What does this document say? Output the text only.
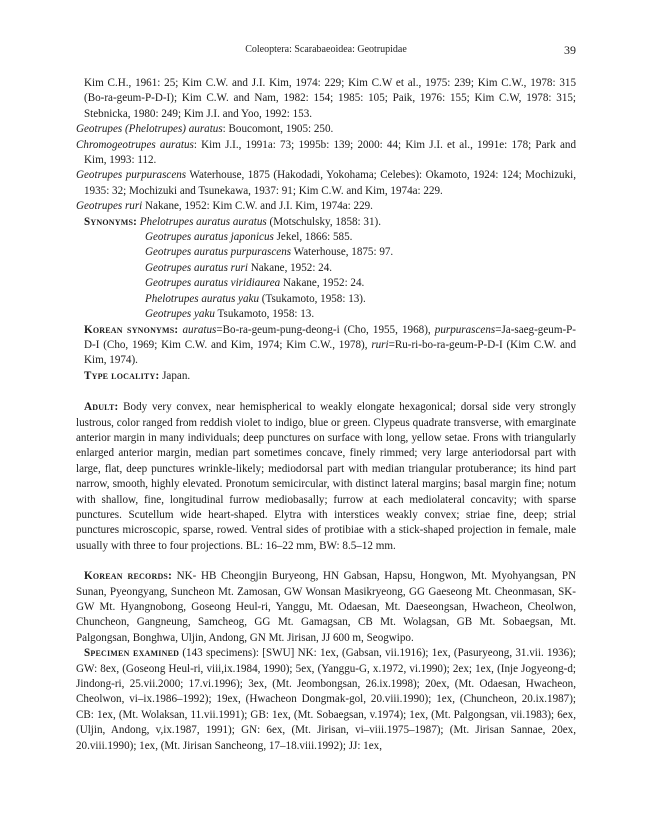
Coleoptera: Scarabaeoidea: Geotrupidae	39

Kim C.H., 1961: 25; Kim C.W. and J.I. Kim, 1974: 229; Kim C.W et al., 1975: 239; Kim C.W., 1978: 315 (Bo-ra-geum-P-D-I); Kim C.W. and Nam, 1982: 154; 1985: 105; Paik, 1976: 155; Kim C.W, 1978: 315; Stebnicka, 1980: 249; Kim J.I. and Yoo, 1992: 153.

Geotrupes (Phelotrupes) auratus: Boucomont, 1905: 250.

Chromogeotrupes auratus: Kim J.I., 1991a: 73; 1995b: 139; 2000: 44; Kim J.I. et al., 1991e: 178; Park and Kim, 1993: 112.

Geotrupes purpurascens Waterhouse, 1875 (Hakodadi, Yokohama; Celebes): Okamoto, 1924: 124; Mochizuki, 1935: 32; Mochizuki and Tsunekawa, 1937: 91; Kim C.W. and Kim, 1974a: 229.

Geotrupes ruri Nakane, 1952: Kim C.W. and J.I. Kim, 1974a: 229.

Synonyms: Phelotrupes auratus auratus (Motschulsky, 1858: 31).

Geotrupes auratus japonicus Jekel, 1866: 585.

Geotrupes auratus purpurascens Waterhouse, 1875: 97.

Geotrupes auratus ruri Nakane, 1952: 24.

Geotrupes auratus viridiaurea Nakane, 1952: 24.

Phelotrupes auratus yaku (Tsukamoto, 1958: 13).

Geotrupes yaku Tsukamoto, 1958: 13.

Korean synonyms: auratus=Bo-ra-geum-pung-deong-i (Cho, 1955, 1968), purpurascens=Ja-saeg-geum-P-D-I (Cho, 1969; Kim C.W. and Kim, 1974; Kim C.W., 1978), ruri=Ru-ri-bo-ra-geum-P-D-I (Kim C.W. and Kim, 1974).

Type locality: Japan.

Adult: Body very convex, near hemispherical to weakly elongate hexagonical; dorsal side very strongly lustrous, color ranged from reddish violet to indigo, blue or green. Clypeus quadrate transverse, with emarginate anterior margin in many individuals; deep punctures on surface with long, yellow setae. Frons with triangularly enlarged anterior margin, median part sometimes concave, finely rimmed; very large anteriodorsal part with large, flat, deep punctures wrinkle-likely; mediodorsal part with median triangular protuberance; its hind part narrow, smooth, highly elevated. Pronotum semicircular, with distinct lateral margins; basal margin fine; notum with shallow, fine, longitudinal furrow mediobasally; furrow at each mediolateral concavity; with sparse punctures. Scutellum wide heart-shaped. Elytra with interstices weakly convex; striae fine, deep; strial punctures microscopic, sparse, rowed. Ventral sides of protibiae with a stick-shaped projection in female, male usually with three to four projections. BL: 16–22 mm, BW: 8.5–12 mm.

Korean records: NK- HB Cheongjin Buryeong, HN Gabsan, Hapsu, Hongwon, Mt. Myohyangsan, PN Sunan, Pyeongyang, Suncheon Mt. Zamosan, GW Wonsan Masikryeong, GG Gaeseong Mt. Cheonmasan, SK- GW Mt. Hyangnobong, Goseong Heul-ri, Yanggu, Mt. Odaesan, Mt. Daeseongsan, Hwacheon, Cheolwon, Chuncheon, Gangneung, Samcheog, GG Mt. Gamagsan, CB Mt. Wolagsan, GB Mt. Sobaegsan, Mt. Palgongsan, Bonghwa, Uljin, Andong, GN Mt. Jirisan, JJ 600 m, Seogwipo.

Specimen examined (143 specimens): [SWU] NK: 1ex, (Gabsan, vii.1916); 1ex, (Pasuryeong, 31.vii. 1936); GW: 8ex, (Goseong Heul-ri, viii,ix.1984, 1990); 5ex, (Yanggu-G, x.1972, vi.1990); 2ex; 1ex, (Inje Jogyeong-d; Jindong-ri, 25.vii.2000; 17.vi.1996); 3ex, (Mt. Jeombongsan, 26.ix.1998); 20ex, (Mt. Odaesan, Hwacheon, Cheolwon, vi–ix.1986–1992); 19ex, (Hwacheon Dongmak-gol, 20.viii.1990); 1ex, (Chuncheon, 20.ix.1987); CB: 1ex, (Mt. Wolaksan, 11.vii.1991); GB: 1ex, (Mt. Sobaegsan, v.1974); 1ex, (Mt. Palgongsan, vii.1983); 6ex, (Uljin, Andong, v,ix.1987, 1991); GN: 6ex, (Mt. Jirisan, vi–viii.1975–1987); (Mt. Jirisan Sannae, 20ex, 20.viii.1990); 1ex, (Mt. Jirisan Sancheong, 17–18.viii.1992); JJ: 1ex,
